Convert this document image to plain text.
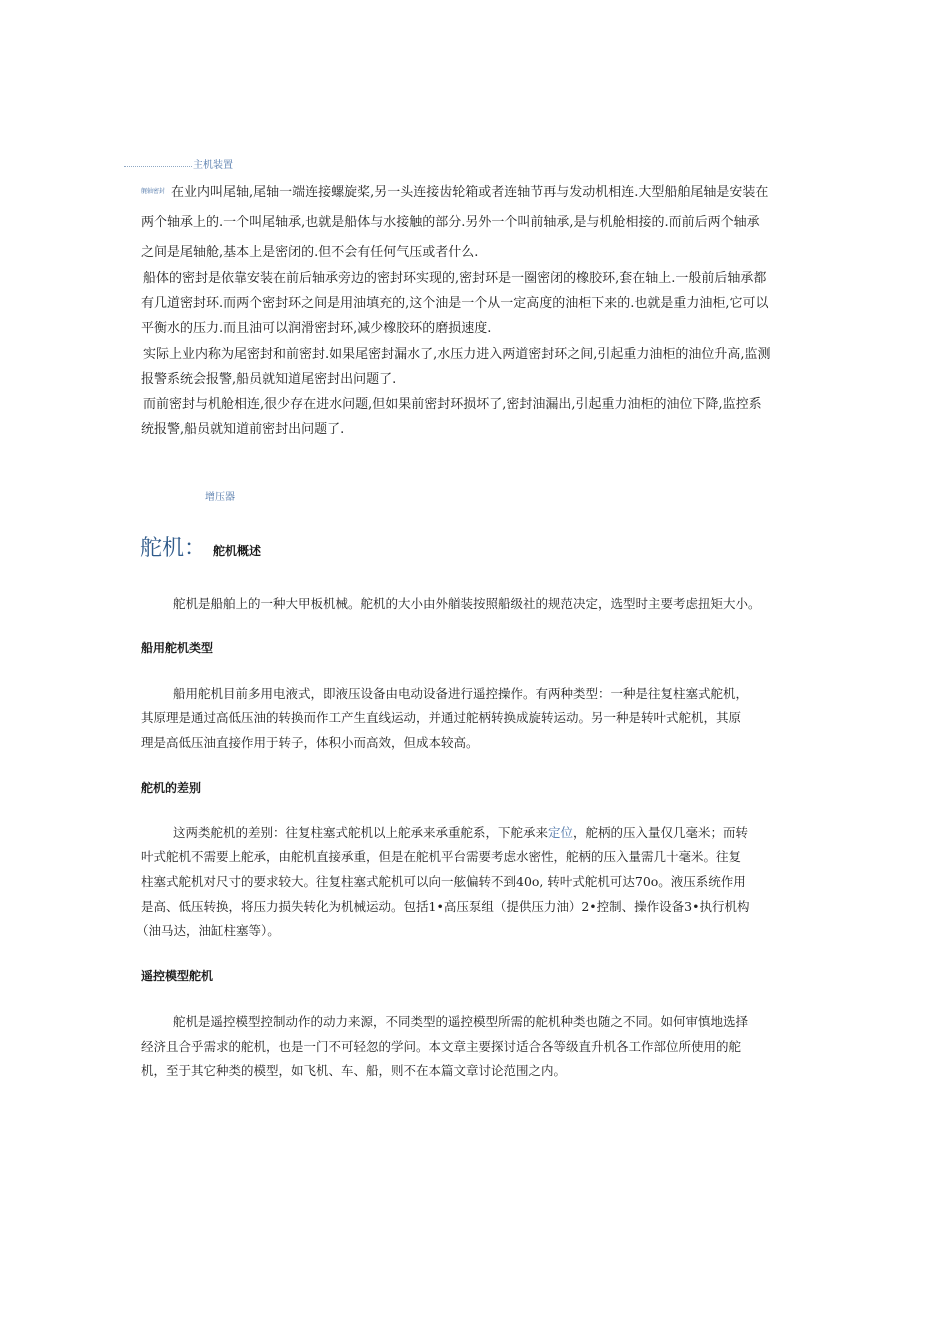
主机装置
艉轴密封 在业内叫尾轴,尾轴一端连接螺旋桨,另一头连接齿轮箱或者连轴节再与发动机相连.大型船舶尾轴是安装在
两个轴承上的.一个叫尾轴承,也就是船体与水接触的部分.另外一个叫前轴承,是与机舱相接的.而前后两个轴承
之间是尾轴舱,基本上是密闭的.但不会有任何气压或者什么.
船体的密封是依靠安装在前后轴承旁边的密封环实现的,密封环是一圈密闭的橡胶环,套在轴上.一般前后轴承都
有几道密封环.而两个密封环之间是用油填充的,这个油是一个从一定高度的油柜下来的.也就是重力油柜,它可以
平衡水的压力.而且油可以润滑密封环,减少橡胶环的磨损速度.
实际上业内称为尾密封和前密封.如果尾密封漏水了,水压力进入两道密封环之间,引起重力油柜的油位升高,监测
报警系统会报警,船员就知道尾密封出问题了.
而前密封与机舱相连,很少存在进水问题,但如果前密封环损坏了,密封油漏出,引起重力油柜的油位下降,监控系
统报警,船员就知道前密封出问题了.
增压器
舵机： 舵机概述
舵机是船舶上的一种大甲板机械。舵机的大小由外艏装按照船级社的规范决定，选型时主要考虑扭矩大小。
船用舵机类型
船用舵机目前多用电液式，即液压设备由电动设备进行遥控操作。有两种类型：一种是往复柱塞式舵机，
其原理是通过高低压油的转换而作工产生直线运动，并通过舵柄转换成旋转运动。另一种是转叶式舵机，其原
理是高低压油直接作用于转子，体积小而高效，但成本较高。
舵机的差别
这两类舵机的差别：往复柱塞式舵机以上舵承来承重舵系，下舵承来定位，舵柄的压入量仅几毫米；而转
叶式舵机不需要上舵承，由舵机直接承重，但是在舵机平台需要考虑水密性，舵柄的压入量需几十毫米。往复
柱塞式舵机对尺寸的要求较大。往复柱塞式舵机可以向一舷偏转不到40o, 转叶式舵机可达70o。液压系统作用
是高、低压转换，将压力损失转化为机械运动。包括1•高压泵组（提供压力油）2•控制、操作设备3•执行机构
（油马达，油缸柱塞等）。
遥控模型舵机
舵机是遥控模型控制动作的动力来源，不同类型的遥控模型所需的舵机种类也随之不同。如何审慎地选择
经济且合乎需求的舵机，也是一门不可轻忽的学问。本文章主要探讨适合各等级直升机各工作部位所使用的舵
机，至于其它种类的模型，如飞机、车、船，则不在本篇文章讨论范围之内。
